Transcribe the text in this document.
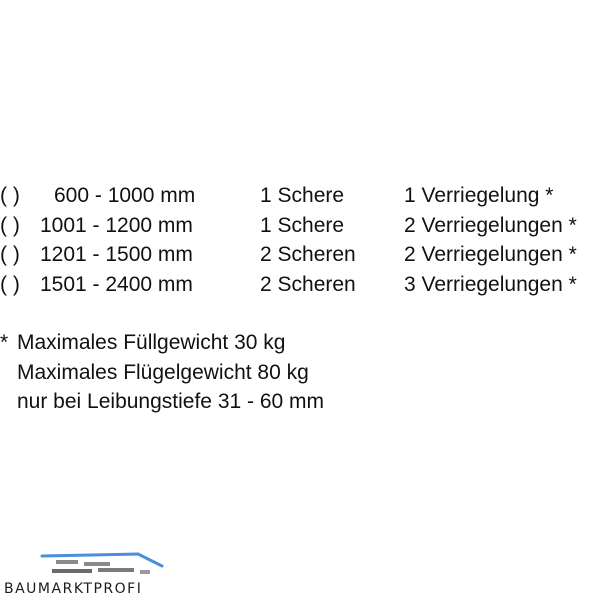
( ) 600 - 1000 mm	1 Schere	1 Verriegelung *
( ) 1001 - 1200 mm	1 Schere	2 Verriegelungen *
( ) 1201 - 1500 mm	2 Scheren 2 Verriegelungen *
( ) 1501 - 2400 mm	2 Scheren 3 Verriegelungen *
* Maximales Füllgewicht 30 kg
Maximales Flügelgewicht 80 kg
nur bei Leibungstiefe 31 - 60 mm
BAUMARKTPROFI
